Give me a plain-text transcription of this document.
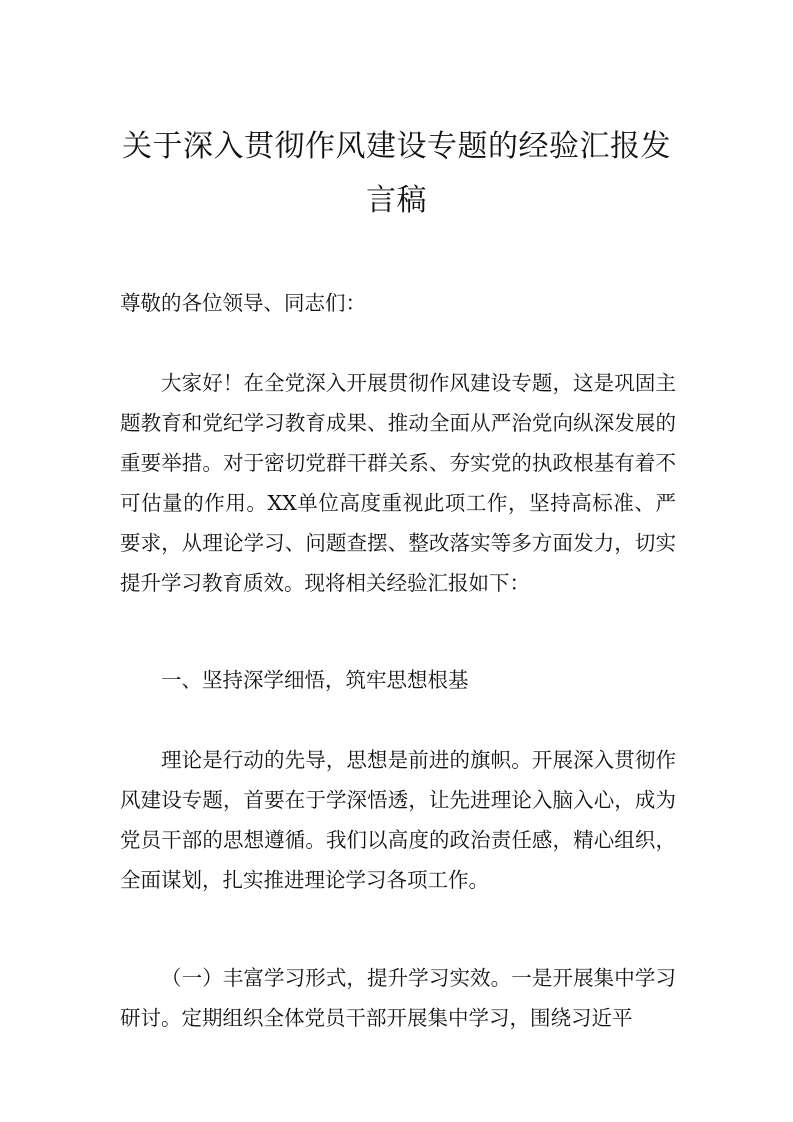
关于深入贯彻作风建设专题的经验汇报发言稿
尊敬的各位领导、同志们：
大家好！在全党深入开展贯彻作风建设专题，这是巩固主题教育和党纪学习教育成果、推动全面从严治党向纵深发展的重要举措。对于密切党群干群关系、夯实党的执政根基有着不可估量的作用。XX单位高度重视此项工作，坚持高标准、严要求，从理论学习、问题查摆、整改落实等多方面发力，切实提升学习教育质效。现将相关经验汇报如下：
一、坚持深学细悟，筑牢思想根基
理论是行动的先导，思想是前进的旗帜。开展深入贯彻作风建设专题，首要在于学深悟透，让先进理论入脑入心，成为党员干部的思想遵循。我们以高度的政治责任感，精心组织，全面谋划，扎实推进理论学习各项工作。
（一）丰富学习形式，提升学习实效。一是开展集中学习研讨。定期组织全体党员干部开展集中学习，围绕习近平
